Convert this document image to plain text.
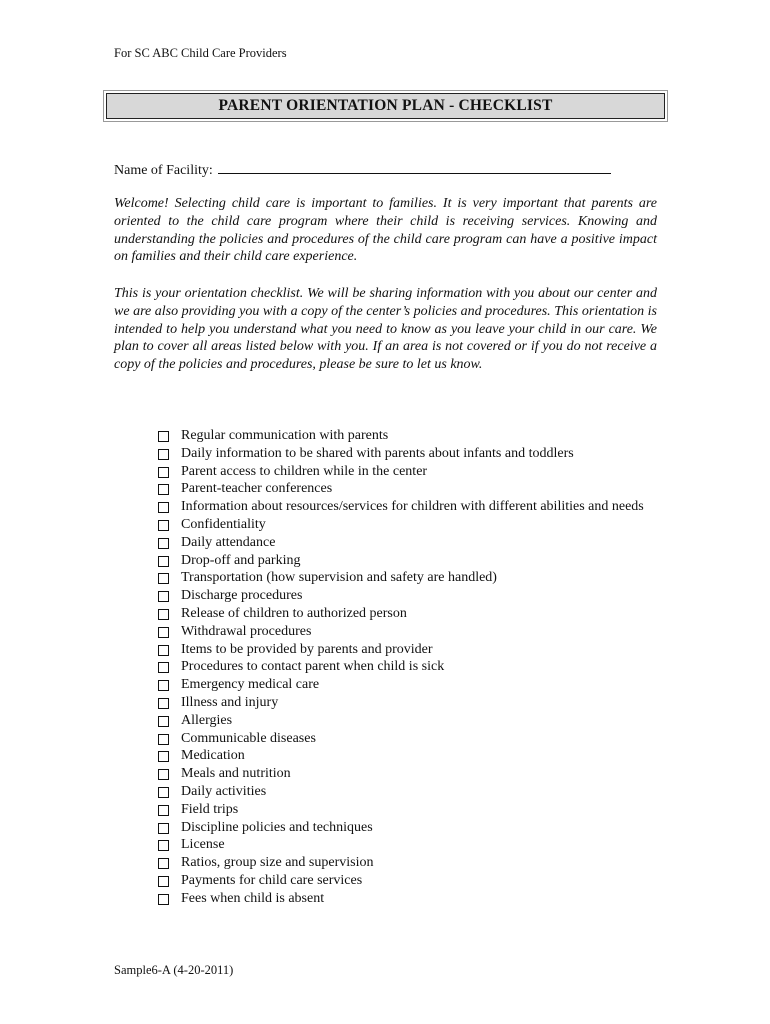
For SC ABC Child Care Providers
PARENT ORIENTATION PLAN - CHECKLIST
Name of Facility:

Welcome! Selecting child care is important to families. It is very important that parents are oriented to the child care program where their child is receiving services. Knowing and understanding the policies and procedures of the child care program can have a positive impact on families and their child care experience.

This is your orientation checklist. We will be sharing information with you about our center and we are also providing you with a copy of the center’s policies and procedures. This orientation is intended to help you understand what you need to know as you leave your child in our care. We plan to cover all areas listed below with you. If an area is not covered or if you do not receive a copy of the policies and procedures, please be sure to let us know.

Regular communication with parents
Daily information to be shared with parents about infants and toddlers
Parent access to children while in the center
Parent-teacher conferences
Information about resources/services for children with different abilities and needs
Confidentiality
Daily attendance
Drop-off and parking
Transportation (how supervision and safety are handled)
Discharge procedures
Release of children to authorized person
Withdrawal procedures
Items to be provided by parents and provider
Procedures to contact parent when child is sick
Emergency medical care
Illness and injury
Allergies
Communicable diseases
Medication
Meals and nutrition
Daily activities
Field trips
Discipline policies and techniques
License
Ratios, group size and supervision
Payments for child care services
Fees when child is absent
Sample6-A (4-20-2011)
